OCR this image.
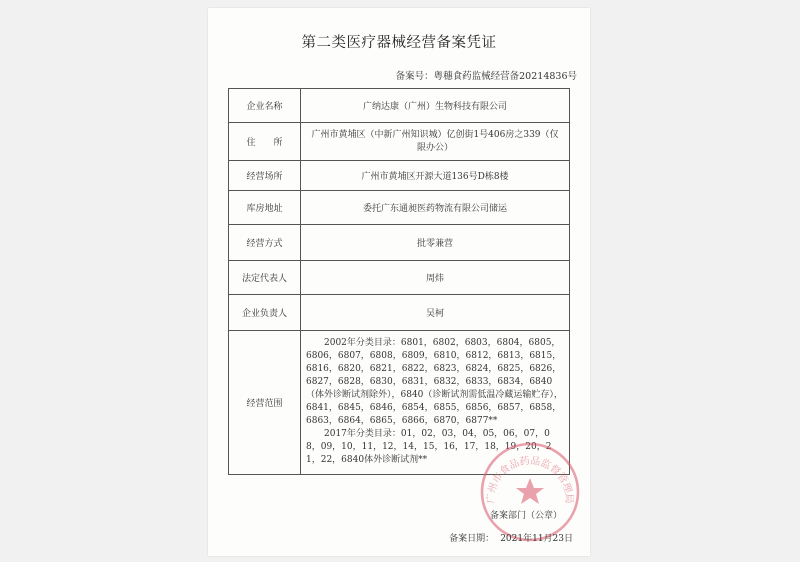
第二类医疗器械经营备案凭证
备案号：粤穗食药监械经营备20214836号
企业名称	广纳达康（广州）生物科技有限公司
住　　所	广州市黄埔区（中新广州知识城）亿创街1号406房之339（仅限办公）
经营场所	广州市黄埔区开源大道136号D栋8楼
库房地址	委托广东通昶医药物流有限公司储运
经营方式	批零兼营
法定代表人	周炜
企业负责人	吴柯
经营范围	2002年分类目录：6801，6802，6803，6804，6805，6806，6807，6808，6809，6810，6812，6813，6815，6816，6820，6821，6822，6823，6824，6825，6826，6827，6828，6830，6831，6832，6833，6834，6840（体外诊断试剂除外），6840（诊断试剂需低温冷藏运输贮存），6841，6845，6846，6854，6855，6856，6857，6858，6863，6864，6865，6866，6870，6877**

2017年分类目录：01，02，03，04，05，06，07，08，09，10，11，12，14，15，16，17，18，19，20，21，22，6840体外诊断试剂**

广州市食品药品监督管理局
备案部门（公章）
备案日期： 2021年11月23日
